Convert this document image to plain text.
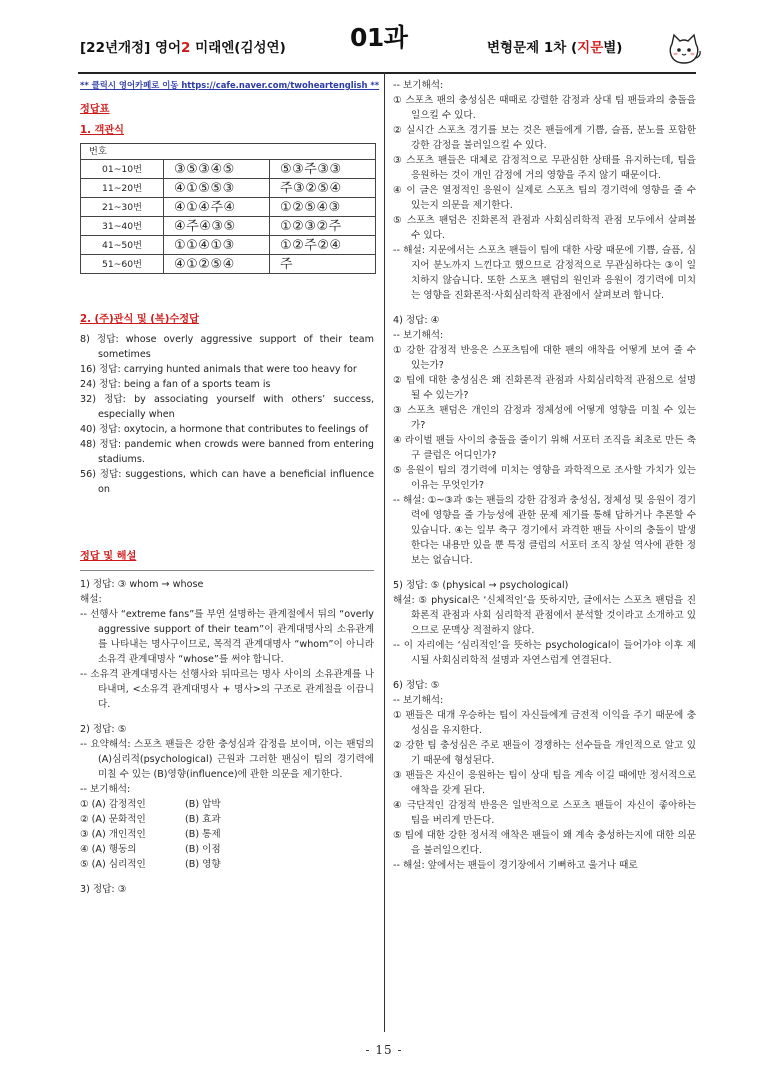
[22년개정] 영어2 미래엔(김성연)	01과	변형문제 1차 (지문별)
** 클릭시 영어카페로 이동 https://cafe.naver.com/twoheartenglish **
정답표
1. 객관식
번호		
01~10번	③⑤③④⑤	⑤③주③③
11~20번	④①⑤⑤③	주③②⑤④
21~30번	④①④주④	①②⑤④③
31~40번	④주④③⑤	①②③②주
41~50번	①①④①③	①②주②④
51~60번	④①②⑤④	주
2. (주)관식 및 (복)수정답
8) 정답: whose overly aggressive support of their team sometimes
16) 정답: carrying hunted animals that were too heavy for
24) 정답: being a fan of a sports team is
32) 정답: by associating yourself with others’ success, especially when
40) 정답: oxytocin, a hormone that contributes to feelings of
48) 정답: pandemic when crowds were banned from entering stadiums.
56) 정답: suggestions, which can have a beneficial influence on
정답 및 해설
1) 정답: ③ whom → whose
해설:
-- 선행사 “extreme fans”를 부연 설명하는 관계절에서 뒤의 “overly aggressive support of their team”이 관계대명사의 소유관계를 나타내는 명사구이므로, 목적격 관계대명사 “whom”이 아니라 소유격 관계대명사 “whose”를 써야 합니다.
-- 소유격 관계대명사는 선행사와 뒤따르는 명사 사이의 소유관계를 나타내며, <소유격 관계대명사 + 명사>의 구조로 관계절을 이끕니다.
2) 정답: ⑤
-- 요약해석: 스포츠 팬들은 강한 충성심과 감정을 보이며, 이는 팬덤의 (A)심리적(psychological) 근원과 그러한 팬심이 팀의 경기력에 미칠 수 있는 (B)영향(influence)에 관한 의문을 제기한다.
-- 보기해석:
① (A) 감정적인	(B) 압박
② (A) 문화적인	(B) 효과
③ (A) 개인적인	(B) 통제
④ (A) 행동의	(B) 이점
⑤ (A) 심리적인	(B) 영향
3) 정답: ③
-- 보기해석:
① 스포츠 팬의 충성심은 때때로 강렬한 감정과 상대 팀 팬들과의 충돌을 일으킬 수 있다.
② 실시간 스포츠 경기를 보는 것은 팬들에게 기쁨, 슬픔, 분노를 포함한 강한 감정을 불러일으킬 수 있다.
③ 스포츠 팬들은 대체로 감정적으로 무관심한 상태를 유지하는데, 팀을 응원하는 것이 개인 감정에 거의 영향을 주지 않기 때문이다.
④ 이 글은 열정적인 응원이 실제로 스포츠 팀의 경기력에 영향을 줄 수 있는지 의문을 제기한다.
⑤ 스포츠 팬덤은 진화론적 관점과 사회심리학적 관점 모두에서 살펴볼 수 있다.
-- 해설: 지문에서는 스포츠 팬들이 팀에 대한 사랑 때문에 기쁨, 슬픔, 심지어 분노까지 느낀다고 했으므로 감정적으로 무관심하다는 ③이 일치하지 않습니다. 또한 스포츠 팬덤의 원인과 응원이 경기력에 미치는 영향을 진화론적·사회심리학적 관점에서 살펴보려 합니다.
4) 정답: ④
-- 보기해석:
① 강한 감정적 반응은 스포츠팀에 대한 팬의 애착을 어떻게 보여 줄 수 있는가?
② 팀에 대한 충성심은 왜 진화론적 관점과 사회심리학적 관점으로 설명될 수 있는가?
③ 스포츠 팬덤은 개인의 감정과 정체성에 어떻게 영향을 미칠 수 있는가?
④ 라이벌 팬들 사이의 충돌을 줄이기 위해 서포터 조직을 최초로 만든 축구 클럽은 어디인가?
⑤ 응원이 팀의 경기력에 미치는 영향을 과학적으로 조사할 가치가 있는 이유는 무엇인가?
-- 해설: ①~③과 ⑤는 팬들의 강한 감정과 충성심, 정체성 및 응원이 경기력에 영향을 줄 가능성에 관한 문제 제기를 통해 답하거나 추론할 수 있습니다. ④는 일부 축구 경기에서 과격한 팬들 사이의 충돌이 발생한다는 내용만 있을 뿐 특정 클럽의 서포터 조직 창설 역사에 관한 정보는 없습니다.
5) 정답: ⑤ (physical → psychological)
해설: ⑤ physical은 ‘신체적인’을 뜻하지만, 글에서는 스포츠 팬덤을 진화론적 관점과 사회 심리학적 관점에서 분석할 것이라고 소개하고 있으므로 문맥상 적절하지 않다.
-- 이 자리에는 ‘심리적인’을 뜻하는 psychological이 들어가야 이후 제시될 사회심리학적 설명과 자연스럽게 연결된다.
6) 정답: ⑤
-- 보기해석:
① 팬들은 대개 우승하는 팀이 자신들에게 금전적 이익을 주기 때문에 충성심을 유지한다.
② 강한 팀 충성심은 주로 팬들이 경쟁하는 선수들을 개인적으로 알고 있기 때문에 형성된다.
③ 팬들은 자신이 응원하는 팀이 상대 팀을 계속 이길 때에만 정서적으로 애착을 갖게 된다.
④ 극단적인 감정적 반응은 일반적으로 스포츠 팬들이 자신이 좋아하는 팀을 버리게 만든다.
⑤ 팀에 대한 강한 정서적 애착은 팬들이 왜 계속 충성하는지에 대한 의문을 불러일으킨다.
-- 해설: 앞에서는 팬들이 경기장에서 기뻐하고 울거나 때로
- 15 -
